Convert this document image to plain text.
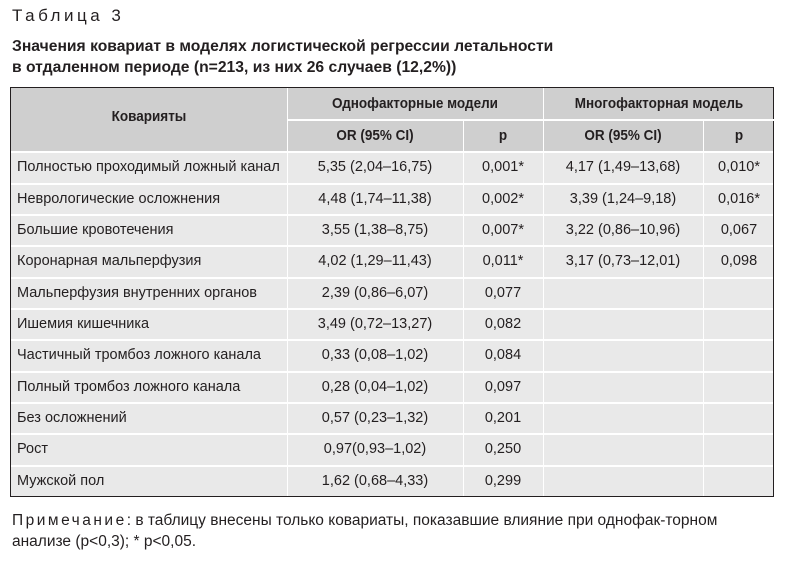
Таблица 3
Значения ковариат в моделях логистической регрессии летальности
в отдаленном периоде (n=213, из них 26 случаев (12,2%))
Коварияты
Однофакторные модели	Многофакторная модель
OR (95% CI)	p	OR (95% CI)	p
Полностью проходимый ложный канал	5,35 (2,04–16,75)	0,001*	4,17 (1,49–13,68)	0,010*
Неврологические осложнения	4,48 (1,74–11,38)	0,002*	3,39 (1,24–9,18)	0,016*
Большие кровотечения	3,55 (1,38–8,75)	0,007*	3,22 (0,86–10,96)	0,067
Коронарная мальперфузия	4,02 (1,29–11,43)	0,011*	3,17 (0,73–12,01)	0,098
Мальперфузия внутренних органов	2,39 (0,86–6,07)	0,077
Ишемия кишечника	3,49 (0,72–13,27)	0,082
Частичный тромбоз ложного канала	0,33 (0,08–1,02)	0,084
Полный тромбоз ложного канала	0,28 (0,04–1,02)	0,097
Без осложнений	0,57 (0,23–1,32)	0,201
Рост	0,97(0,93–1,02)	0,250
Мужской пол	1,62 (0,68–4,33)	0,299
Примечание: в таблицу внесены только ковариаты, показавшие влияние при однофак-торном анализе (p<0,3); * p<0,05.
